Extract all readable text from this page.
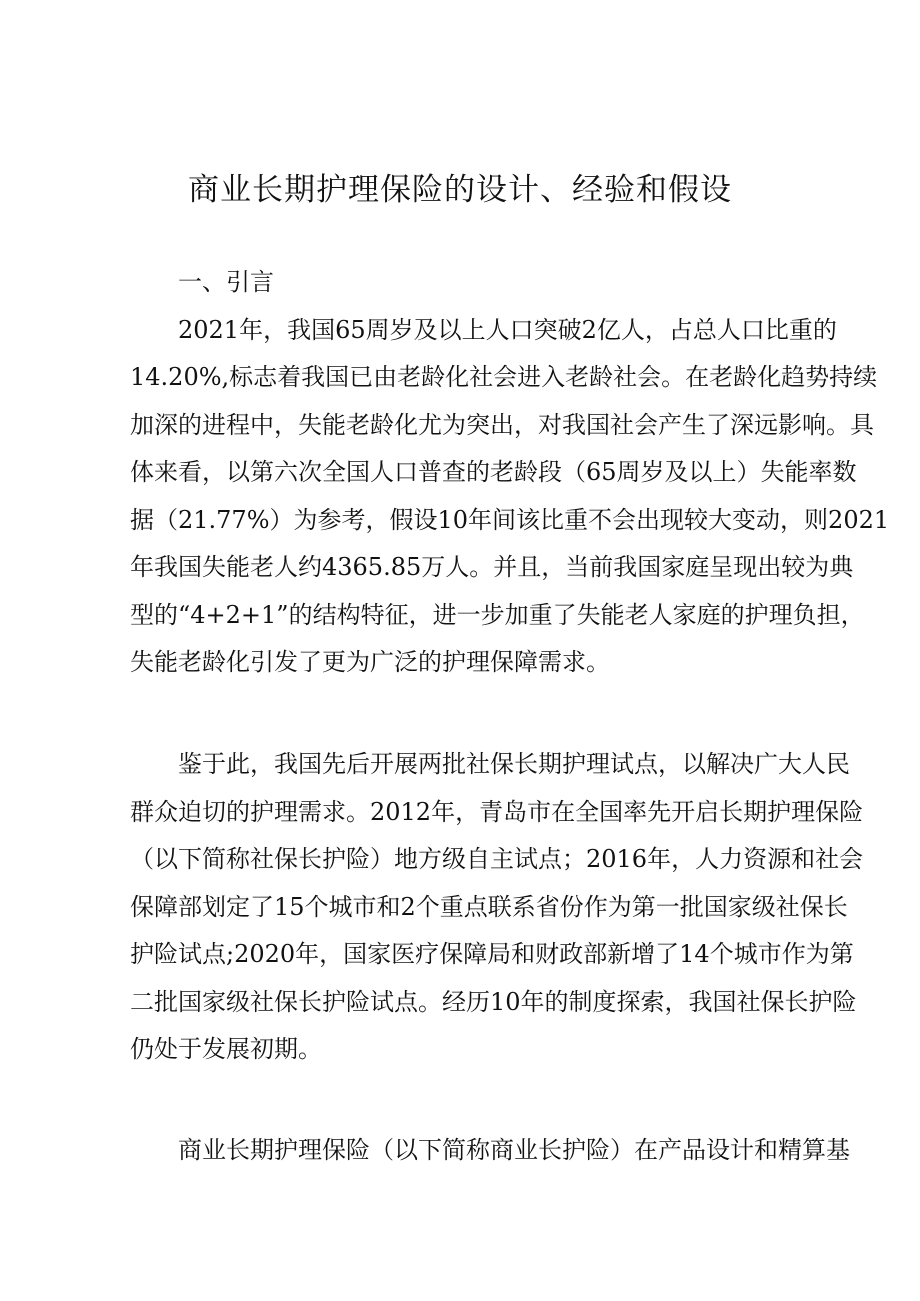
商业长期护理保险的设计、经验和假设
一、引言
2021年，我国65周岁及以上人口突破2亿人，占总人口比重的
14.20%,标志着我国已由老龄化社会进入老龄社会。在老龄化趋势持续
加深的进程中，失能老龄化尤为突出，对我国社会产生了深远影响。具
体来看，以第六次全国人口普查的老龄段（65周岁及以上）失能率数
据（21.77%）为参考，假设10年间该比重不会出现较大变动，则2021
年我国失能老人约4365.85万人。并且，当前我国家庭呈现出较为典
型的“4+2+1”的结构特征，进一步加重了失能老人家庭的护理负担，
失能老龄化引发了更为广泛的护理保障需求。
鉴于此，我国先后开展两批社保长期护理试点，以解决广大人民
群众迫切的护理需求。2012年，青岛市在全国率先开启长期护理保险
（以下简称社保长护险）地方级自主试点；2016年，人力资源和社会
保障部划定了15个城市和2个重点联系省份作为第一批国家级社保长
护险试点;2020年，国家医疗保障局和财政部新增了14个城市作为第
二批国家级社保长护险试点。经历10年的制度探索，我国社保长护险
仍处于发展初期。
商业长期护理保险（以下简称商业长护险）在产品设计和精算基
